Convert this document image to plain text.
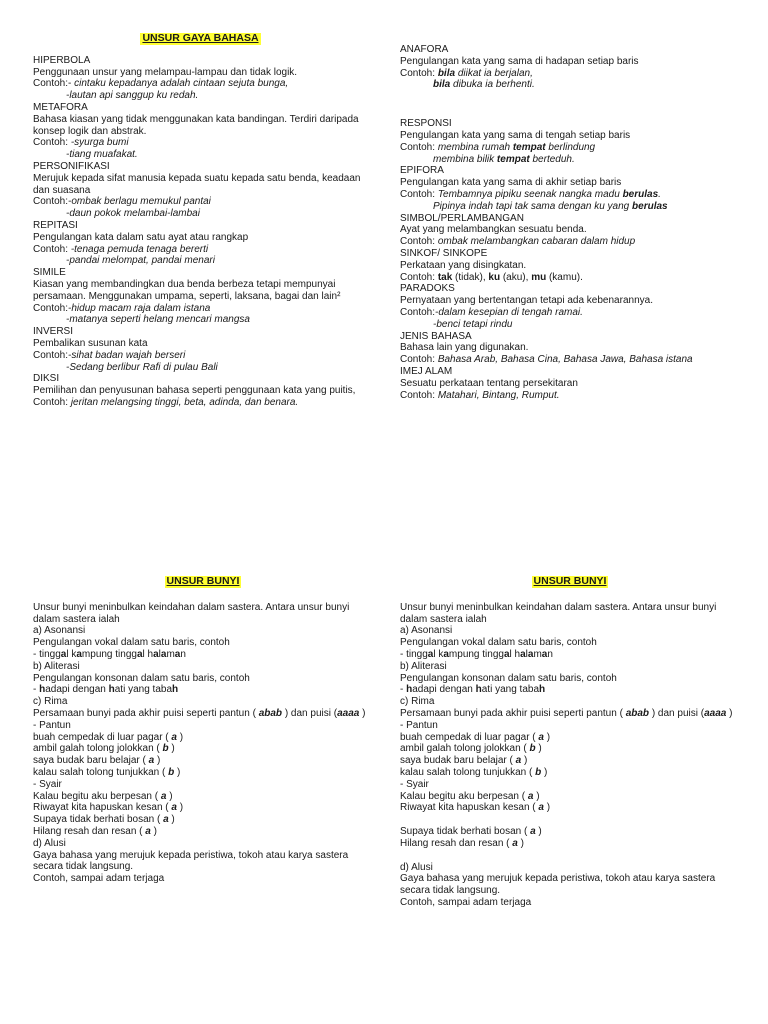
UNSUR GAYA BAHASA
HIPERBOLA
Penggunaan unsur yang melampau-lampau dan tidak logik.
Contoh:- cintaku kepadanya adalah cintaan sejuta bunga,
-lautan api sanggup ku redah.
METAFORA
Bahasa kiasan yang tidak menggunakan kata bandingan. Terdiri daripada konsep logik dan abstrak.
Contoh: -syurga bumi
-tiang muafakat.
PERSONIFIKASI
Merujuk kepada sifat manusia kepada suatu kepada satu benda, keadaan dan suasana
Contoh:-ombak berlagu memukul pantai
-daun pokok melambai-lambai
REPITASI
Pengulangan kata dalam satu ayat atau rangkap
Contoh: -tenaga pemuda tenaga bererti
-pandai melompat, pandai menari
SIMILE
Kiasan yang membandingkan dua benda berbeza tetapi mempunyai persamaan. Menggunakan umpama, seperti, laksana, bagai dan lain²
Contoh:-hidup macam raja dalam istana
-matanya seperti helang mencari mangsa
INVERSI
Pembalikan susunan kata
Contoh:-sihat badan wajah berseri
-Sedang berlibur Rafi di pulau Bali
DIKSI
Pemilihan dan penyusunan bahasa seperti penggunaan kata yang puitis,
Contoh: jeritan melangsing tinggi, beta, adinda, dan benara.
ANAFORA
Pengulangan kata yang sama di hadapan setiap baris
Contoh: bila diikat ia berjalan,
bila dibuka ia berhenti.
RESPONSI
Pengulangan kata yang sama di tengah setiap baris
Contoh: membina rumah tempat berlindung
membina bilik tempat berteduh.
EPIFORA
Pengulangan kata yang sama di akhir setiap baris
Contoh: Tembamnya pipiku seenak nangka madu berulas.
Pipinya indah tapi tak sama dengan ku yang berulas
SIMBOL/PERLAMBANGAN
Ayat yang melambangkan sesuatu benda.
Contoh: ombak melambangkan cabaran dalam hidup
SINKOF/ SINKOPE
Perkataan yang disingkatan.
Contoh: tak (tidak), ku (aku), mu (kamu).
PARADOKS
Pernyataan yang bertentangan tetapi ada kebenarannya.
Contoh:-dalam kesepian di tengah ramai.
-benci tetapi rindu
JENIS BAHASA
Bahasa lain yang digunakan.
Contoh: Bahasa Arab, Bahasa Cina, Bahasa Jawa, Bahasa istana
IMEJ ALAM
Sesuatu perkataan tentang persekitaran
Contoh: Matahari, Bintang, Rumput.
UNSUR BUNYI
Unsur bunyi meninbulkan keindahan dalam sastera. Antara unsur bunyi dalam sastera ialah
a) Asonansi
Pengulangan vokal dalam satu baris, contoh
- tinggal kampung tinggal halaman
b) Aliterasi
Pengulangan konsonan dalam satu baris, contoh
- hadapi dengan hati yang tabah
c) Rima
Persamaan bunyi pada akhir puisi seperti pantun ( abab ) dan puisi (aaaa )
- Pantun
buah cempedak di luar pagar ( a )
ambil galah tolong jolokkan ( b )
saya budak baru belajar ( a )
kalau salah tolong tunjukkan ( b )
- Syair
Kalau begitu aku berpesan ( a )
Riwayat kita hapuskan kesan ( a )
Supaya tidak berhati bosan ( a )
Hilang resah dan resan ( a )
d) Alusi
Gaya bahasa yang merujuk kepada peristiwa, tokoh atau karya sastera secara tidak langsung.
Contoh, sampai adam terjaga
UNSUR BUNYI
Unsur bunyi meninbulkan keindahan dalam sastera. Antara unsur bunyi dalam sastera ialah
a) Asonansi
Pengulangan vokal dalam satu baris, contoh
- tinggal kampung tinggal halaman
b) Aliterasi
Pengulangan konsonan dalam satu baris, contoh
- hadapi dengan hati yang tabah
c) Rima
Persamaan bunyi pada akhir puisi seperti pantun ( abab ) dan puisi (aaaa )
- Pantun
buah cempedak di luar pagar ( a )
ambil galah tolong jolokkan ( b )
saya budak baru belajar ( a )
kalau salah tolong tunjukkan ( b )
- Syair
Kalau begitu aku berpesan ( a )
Riwayat kita hapuskan kesan ( a )
Supaya tidak berhati bosan ( a )
Hilang resah dan resan ( a )
d) Alusi
Gaya bahasa yang merujuk kepada peristiwa, tokoh atau karya sastera secara tidak langsung.
Contoh, sampai adam terjaga
